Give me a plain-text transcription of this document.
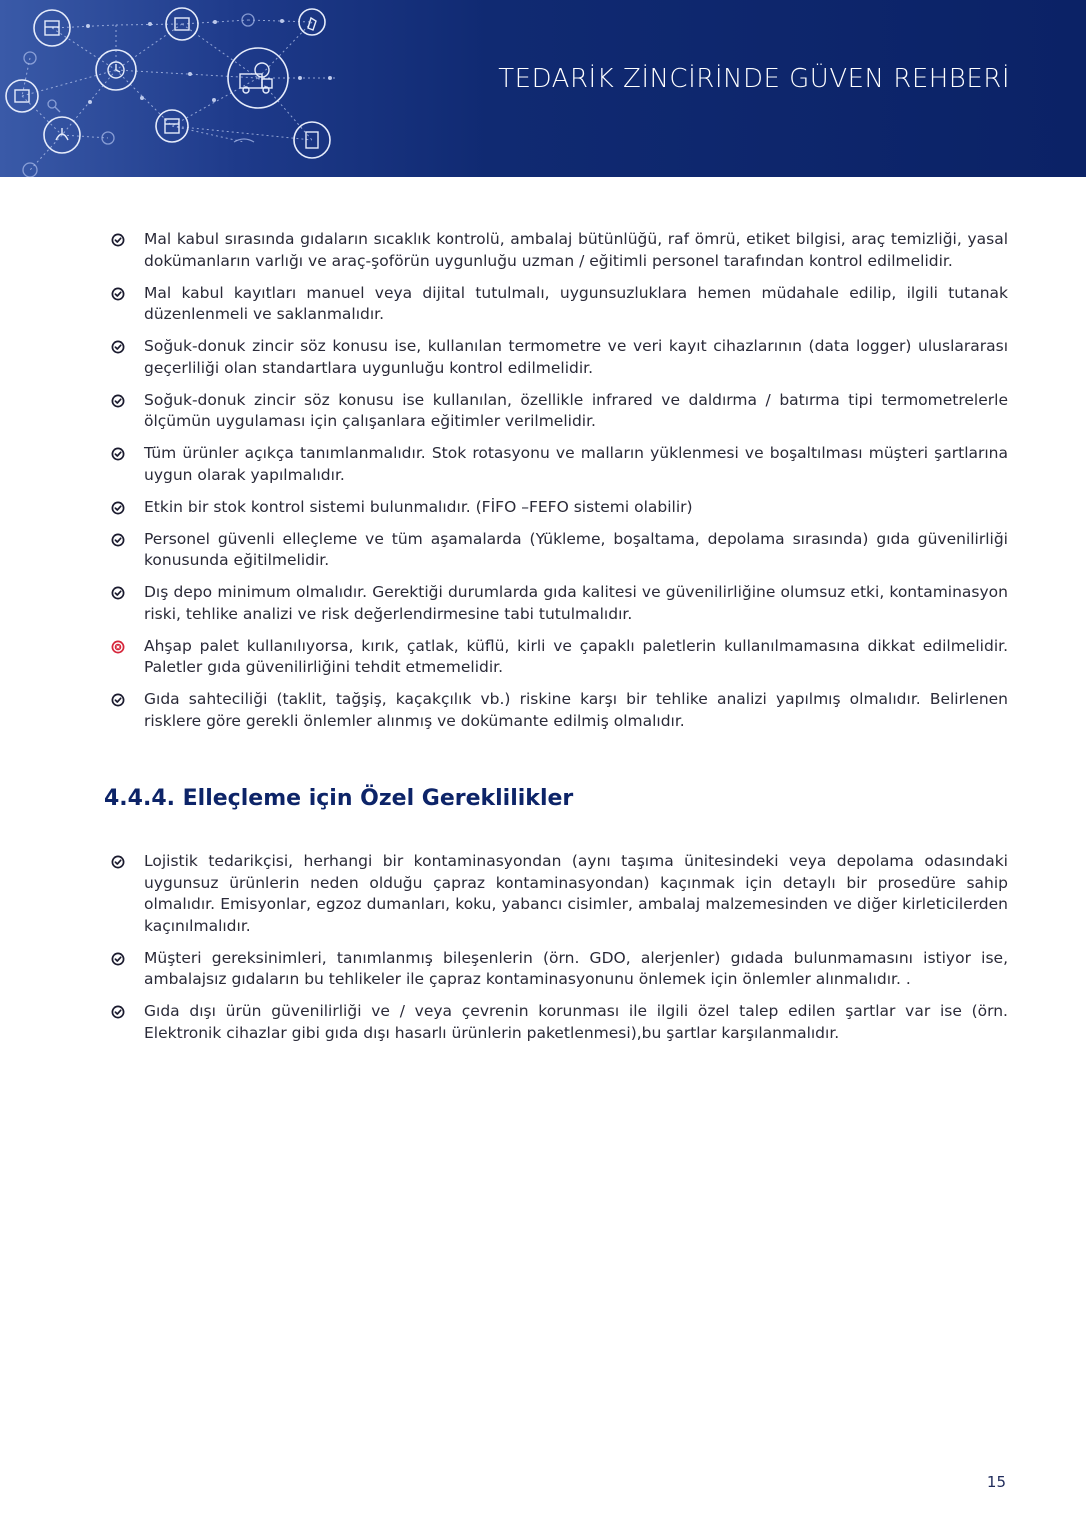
TEDARİK ZİNCİRİNDE GÜVEN REHBERİ
Mal kabul sırasında gıdaların sıcaklık kontrolü, ambalaj bütünlüğü, raf ömrü, etiket bilgisi, araç temizliği, yasal dokümanların varlığı ve araç-şoförün uygunluğu uzman / eğitimli personel tarafından kontrol edilmelidir.
Mal kabul kayıtları manuel veya dijital tutulmalı, uygunsuzluklara hemen müdahale edilip, ilgili tutanak düzenlenmeli ve saklanmalıdır.
Soğuk-donuk zincir söz konusu ise, kullanılan termometre ve veri kayıt cihazlarının (data logger) uluslararası geçerliliği olan standartlara uygunluğu kontrol edilmelidir.
Soğuk-donuk zincir söz konusu ise kullanılan, özellikle infrared ve daldırma / batırma tipi termometrelerle ölçümün uygulaması için çalışanlara eğitimler verilmelidir.
Tüm ürünler açıkça tanımlanmalıdır. Stok rotasyonu ve malların yüklenmesi ve boşaltılması müşteri şartlarına uygun olarak yapılmalıdır.
Etkin bir stok kontrol sistemi bulunmalıdır. (FİFO –FEFO sistemi olabilir)
Personel güvenli elleçleme ve tüm aşamalarda (Yükleme, boşaltama, depolama sırasında) gıda güvenilirliği konusunda eğitilmelidir.
Dış depo minimum olmalıdır. Gerektiği durumlarda gıda kalitesi ve güvenilirliğine olumsuz etki, kontaminasyon riski, tehlike analizi ve risk değerlendirmesine tabi tutulmalıdır.
Ahşap palet kullanılıyorsa, kırık, çatlak, küflü, kirli ve çapaklı paletlerin kullanılmamasına dikkat edilmelidir. Paletler gıda güvenilirliğini tehdit etmemelidir.
Gıda sahteciliği (taklit, tağşiş, kaçakçılık vb.) riskine karşı bir tehlike analizi yapılmış olmalıdır. Belirlenen risklere göre gerekli önlemler alınmış ve dokümante edilmiş olmalıdır.
4.4.4. Elleçleme için Özel Gereklilikler
Lojistik tedarikçisi, herhangi bir kontaminasyondan (aynı taşıma ünitesindeki veya depolama odasındaki uygunsuz ürünlerin neden olduğu çapraz kontaminasyondan) kaçınmak için detaylı bir prosedüre sahip olmalıdır. Emisyonlar, egzoz dumanları, koku, yabancı cisimler, ambalaj malzemesinden ve diğer kirleticilerden kaçınılmalıdır.
Müşteri gereksinimleri, tanımlanmış bileşenlerin (örn. GDO, alerjenler) gıdada bulunmamasını istiyor ise, ambalajsız gıdaların bu tehlikeler ile çapraz kontaminasyonunu önlemek için önlemler alınmalıdır. .
Gıda dışı ürün güvenilirliği ve / veya çevrenin korunması ile ilgili özel talep edilen şartlar var ise (örn. Elektronik cihazlar gibi gıda dışı hasarlı ürünlerin paketlenmesi),bu şartlar karşılanmalıdır.
15
